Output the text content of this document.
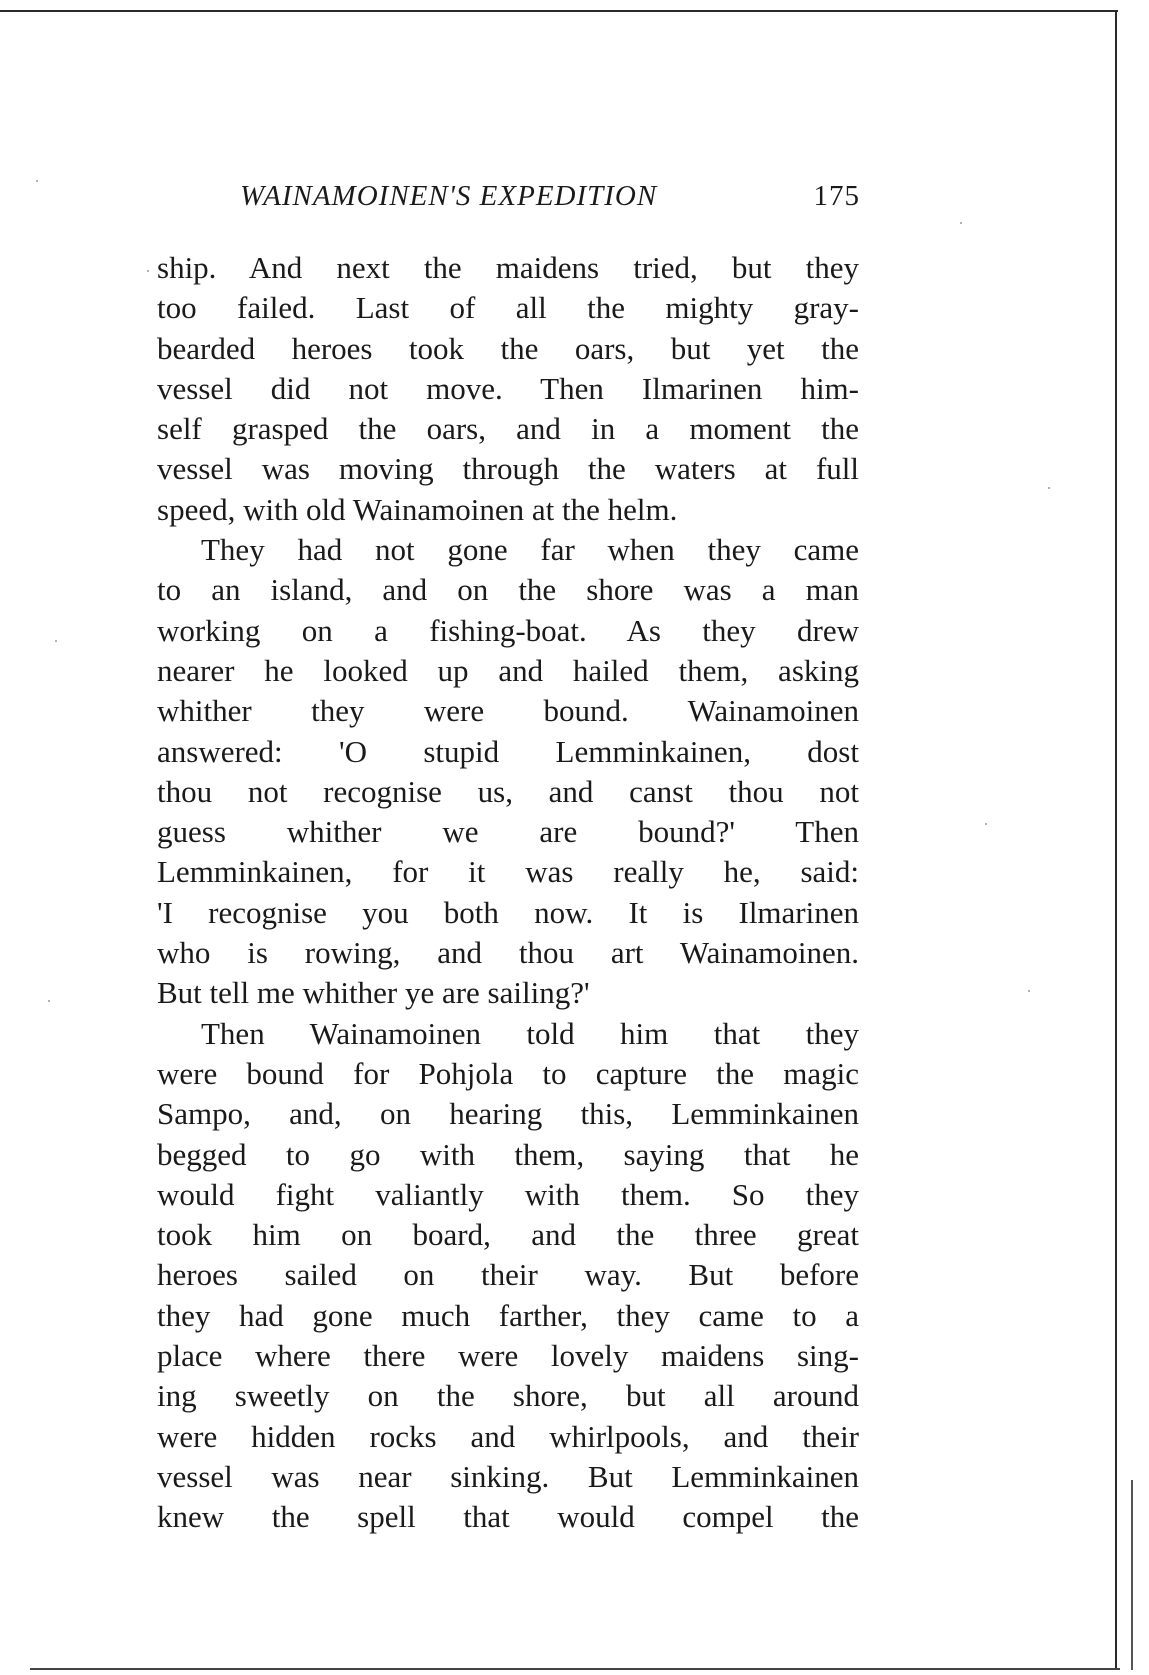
WAINAMOINEN'S EXPEDITION	175
ship. And next the maidens tried, but they
too failed. Last of all the mighty gray-
bearded heroes took the oars, but yet the
vessel did not move. Then Ilmarinen him-
self grasped the oars, and in a moment the
vessel was moving through the waters at full
speed, with old Wainamoinen at the helm.
They had not gone far when they came
to an island, and on the shore was a man
working on a fishing-boat. As they drew
nearer he looked up and hailed them, asking
whither they were bound. Wainamoinen
answered: 'O stupid Lemminkainen, dost
thou not recognise us, and canst thou not
guess whither we are bound?' Then
Lemminkainen, for it was really he, said:
'I recognise you both now. It is Ilmarinen
who is rowing, and thou art Wainamoinen.
But tell me whither ye are sailing?'
Then Wainamoinen told him that they
were bound for Pohjola to capture the magic
Sampo, and, on hearing this, Lemminkainen
begged to go with them, saying that he
would fight valiantly with them. So they
took him on board, and the three great
heroes sailed on their way. But before
they had gone much farther, they came to a
place where there were lovely maidens sing-
ing sweetly on the shore, but all around
were hidden rocks and whirlpools, and their
vessel was near sinking. But Lemminkainen
knew the spell that would compel the
